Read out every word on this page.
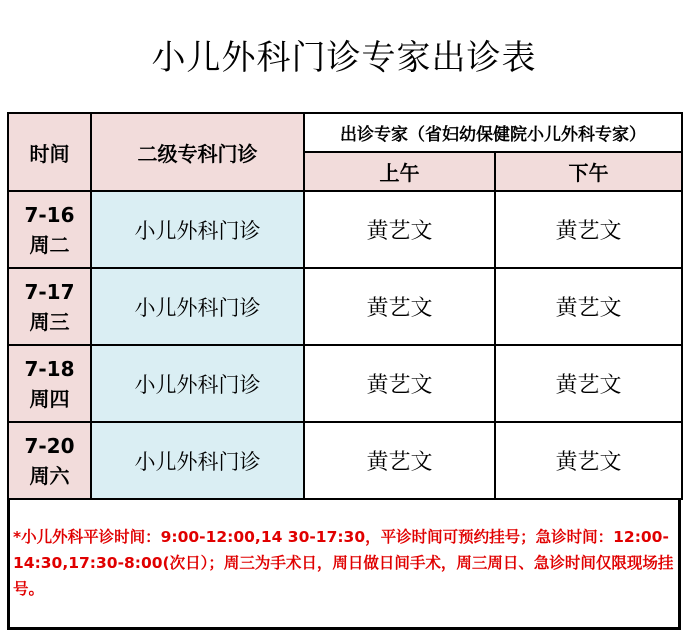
小儿外科门诊专家出诊表
时间	二级专科门诊	出诊专家（省妇幼保健院小儿外科专家）	
		上午	下午

7-16
周二	小儿外科门诊	黄艺文	黄艺文

7-17
周三	小儿外科门诊	黄艺文	黄艺文

7-18
周四	小儿外科门诊	黄艺文	黄艺文

7-20
周六	小儿外科门诊	黄艺文	黄艺文
*小儿外科平诊时间：9:00-12:00,14 30-17:30，平诊时间可预约挂号；急诊时间：12:00-14:30,17:30-8:00(次日）；周三为手术日，周日做日间手术，周三周日、急诊时间仅限现场挂号。
